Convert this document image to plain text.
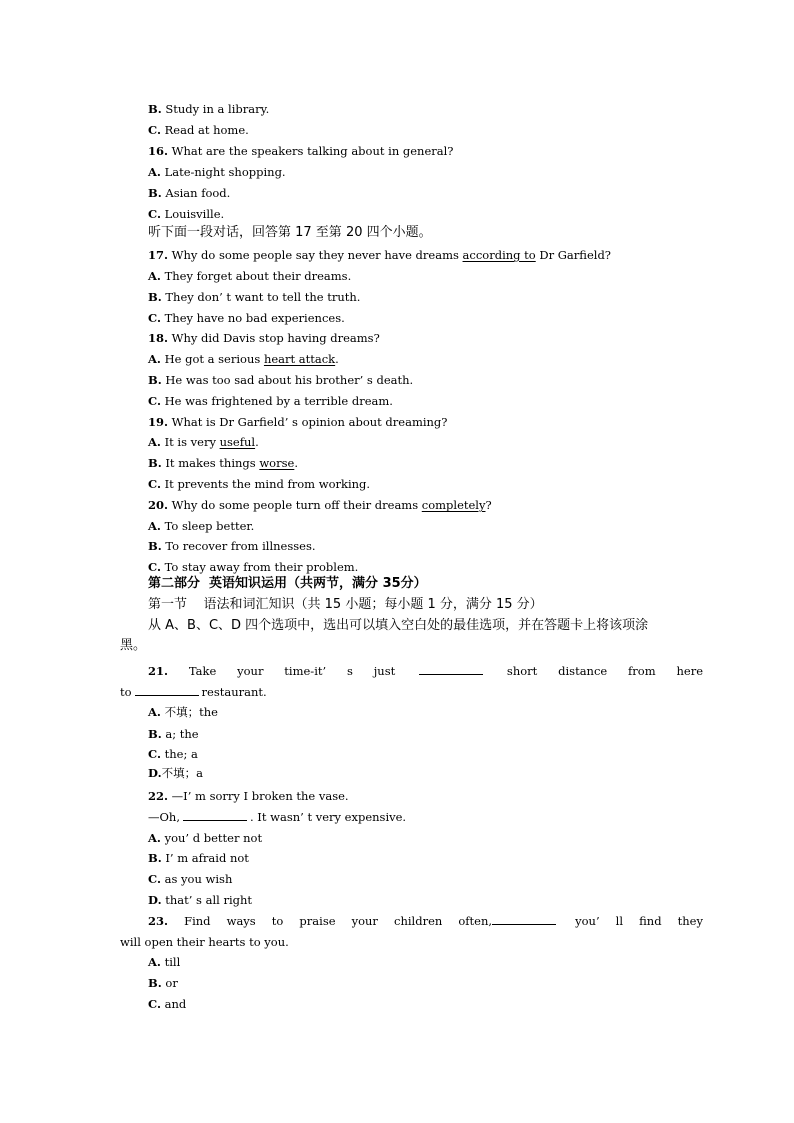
B. Study in a library.
C. Read at home.
16. What are the speakers talking about in general?
A. Late-night shopping.
B. Asian food.
C. Louisville.
听下面一段对话，回答第 17 至第 20 四个小题。
17. Why do some people say they never have dreams according to Dr Garfield?
A. They forget about their dreams.
B. They don’ t want to tell the truth.
C. They have no bad experiences.
18. Why did Davis stop having dreams?
A. He got a serious heart attack.
B. He was too sad about his brother’ s death.
C. He was frightened by a terrible dream.
19. What is Dr Garfield’ s opinion about dreaming?
A. It is very useful.
B. It makes things worse.
C. It prevents the mind from working.
20. Why do some people turn off their dreams completely?
A. To sleep better.
B. To recover from illnesses.
C. To stay away from their problem.
第二部分  英语知识运用（共两节，满分 35分）
第一节    语法和词汇知识（共 15 小题；每小题 1 分，满分 15 分）
从 A、B、C、D 四个选项中，选出可以填入空白处的最佳选项，并在答题卡上将该项涂
黑。
21. Take your time-it’ s just	short distance from here
to	restaurant.
A. 不填；the
B. a; the
C. the; a
D.不填；a
22. —I’ m sorry I broken the vase.
—Oh,	. It wasn’ t very expensive.
A. you’ d better not
B. I’ m afraid not
C. as you wish
D. that’ s all right
23. Find ways to praise your children often,	you’ ll find they
will open their hearts to you.
A. till
B. or
C. and
